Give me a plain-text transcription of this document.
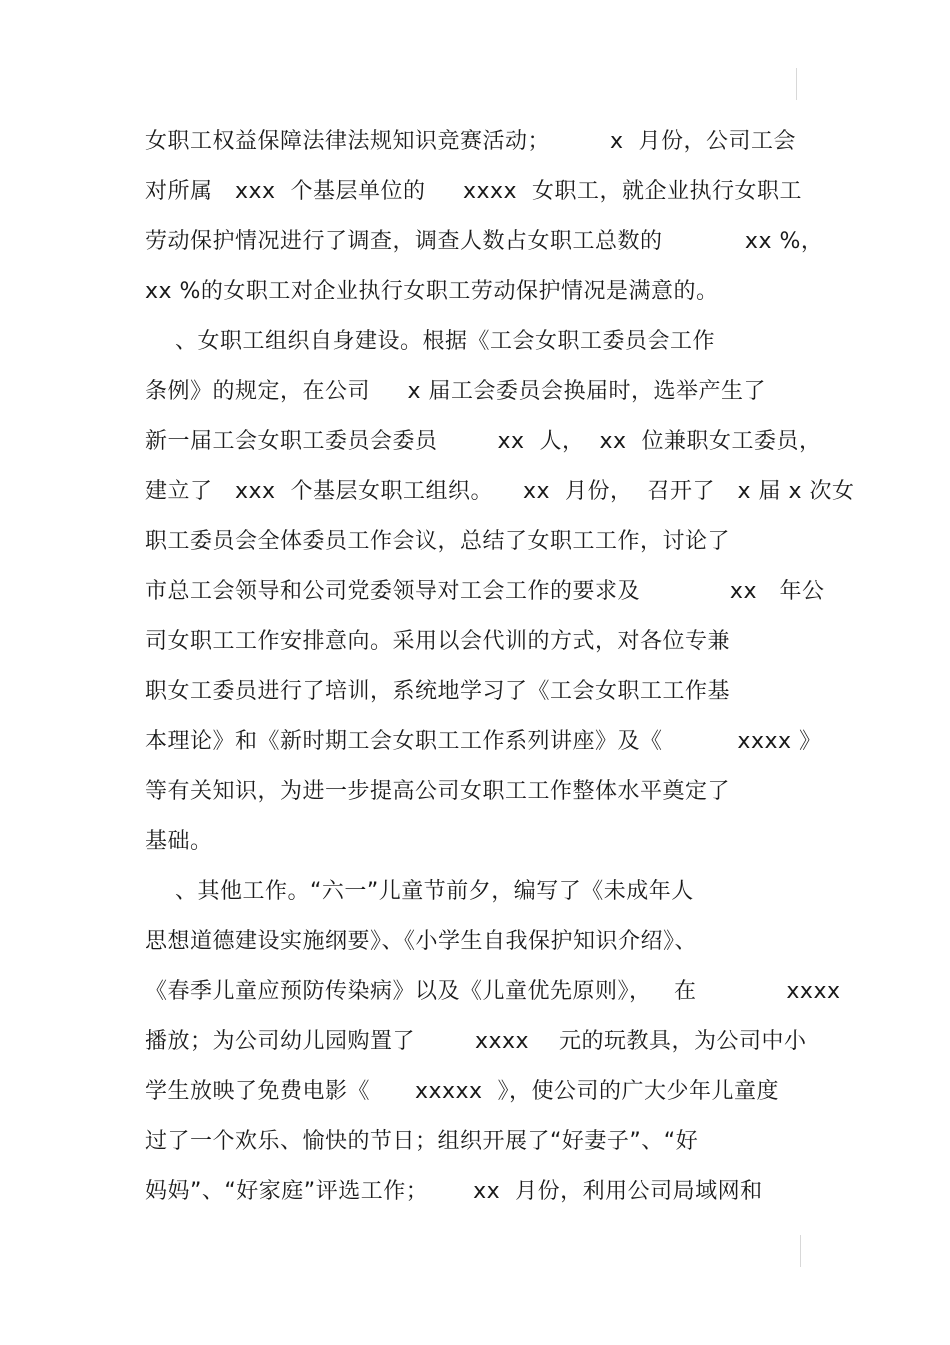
女职工权益保障法律法规知识竞赛活动；        x  月份，公司工会
对所属   xxx  个基层单位的     xxxx  女职工，就企业执行女职工
劳动保护情况进行了调查，调查人数占女职工总数的           xx %，
xx %的女职工对企业执行女职工劳动保护情况是满意的。
、女职工组织自身建设。根据《工会女职工委员会工作
条例》的规定，在公司     x 届工会委员会换届时，选举产生了
新一届工会女职工委员会委员        xx  人，  xx  位兼职女工委员，
建立了   xxx  个基层女职工组织。    xx  月份，  召开了   x 届 x 次女
职工委员会全体委员工作会议，总结了女职工工作，讨论了
市总工会领导和公司党委领导对工会工作的要求及            xx   年公
司女职工工作安排意向。采用以会代训的方式，对各位专兼
职女工委员进行了培训，系统地学习了《工会女职工工作基
本理论》和《新时期工会女职工工作系列讲座》及《          xxxx 》
等有关知识，为进一步提高公司女职工工作整体水平奠定了
基础。
、其他工作。“六一”儿童节前夕，编写了《未成年人
思想道德建设实施纲要》、《小学生自我保护知识介绍》、
《春季儿童应预防传染病》以及《儿童优先原则》，   在            xxxx
播放；为公司幼儿园购置了        xxxx    元的玩教具，为公司中小
学生放映了免费电影《      xxxxx  》，使公司的广大少年儿童度
过了一个欢乐、愉快的节日；组织开展了“好妻子”、“好
妈妈”、“好家庭”评选工作；      xx  月份，利用公司局域网和
